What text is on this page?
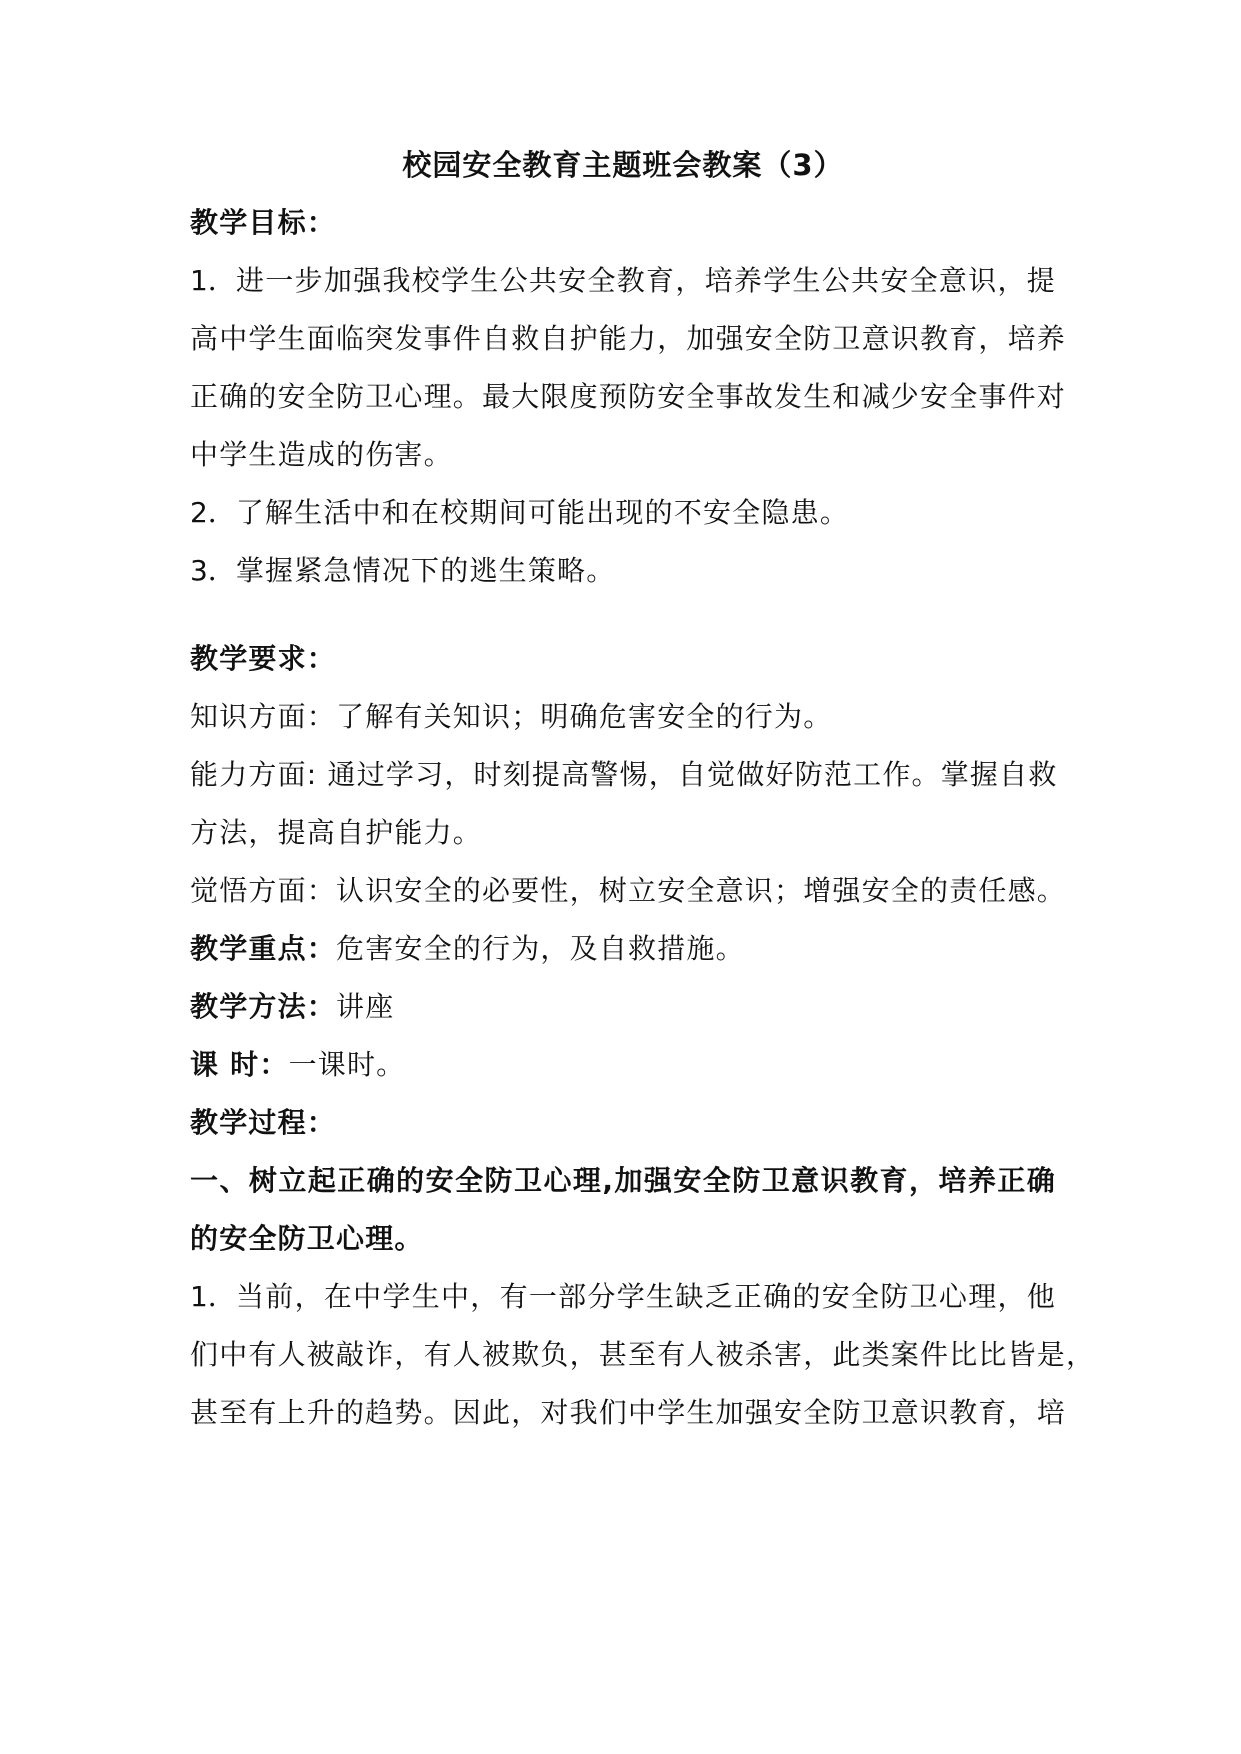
校园安全教育主题班会教案（3）
教学目标：
1．进一步加强我校学生公共安全教育，培养学生公共安全意识，提
高中学生面临突发事件自救自护能力，加强安全防卫意识教育，培养
正确的安全防卫心理。最大限度预防安全事故发生和减少安全事件对
中学生造成的伤害。
2．了解生活中和在校期间可能出现的不安全隐患。
3．掌握紧急情况下的逃生策略。
教学要求：
知识方面：了解有关知识；明确危害安全的行为。
能力方面: 通过学习，时刻提高警惕，自觉做好防范工作。掌握自救
方法，提高自护能力。
觉悟方面：认识安全的必要性，树立安全意识；增强安全的责任感。
教学重点：危害安全的行为，及自救措施。
教学方法：讲座
课 时：一课时。
教学过程：
一、树立起正确的安全防卫心理,加强安全防卫意识教育，培养正确
的安全防卫心理。
1．当前，在中学生中，有一部分学生缺乏正确的安全防卫心理，他
们中有人被敲诈，有人被欺负，甚至有人被杀害，此类案件比比皆是，
甚至有上升的趋势。因此，对我们中学生加强安全防卫意识教育，培
